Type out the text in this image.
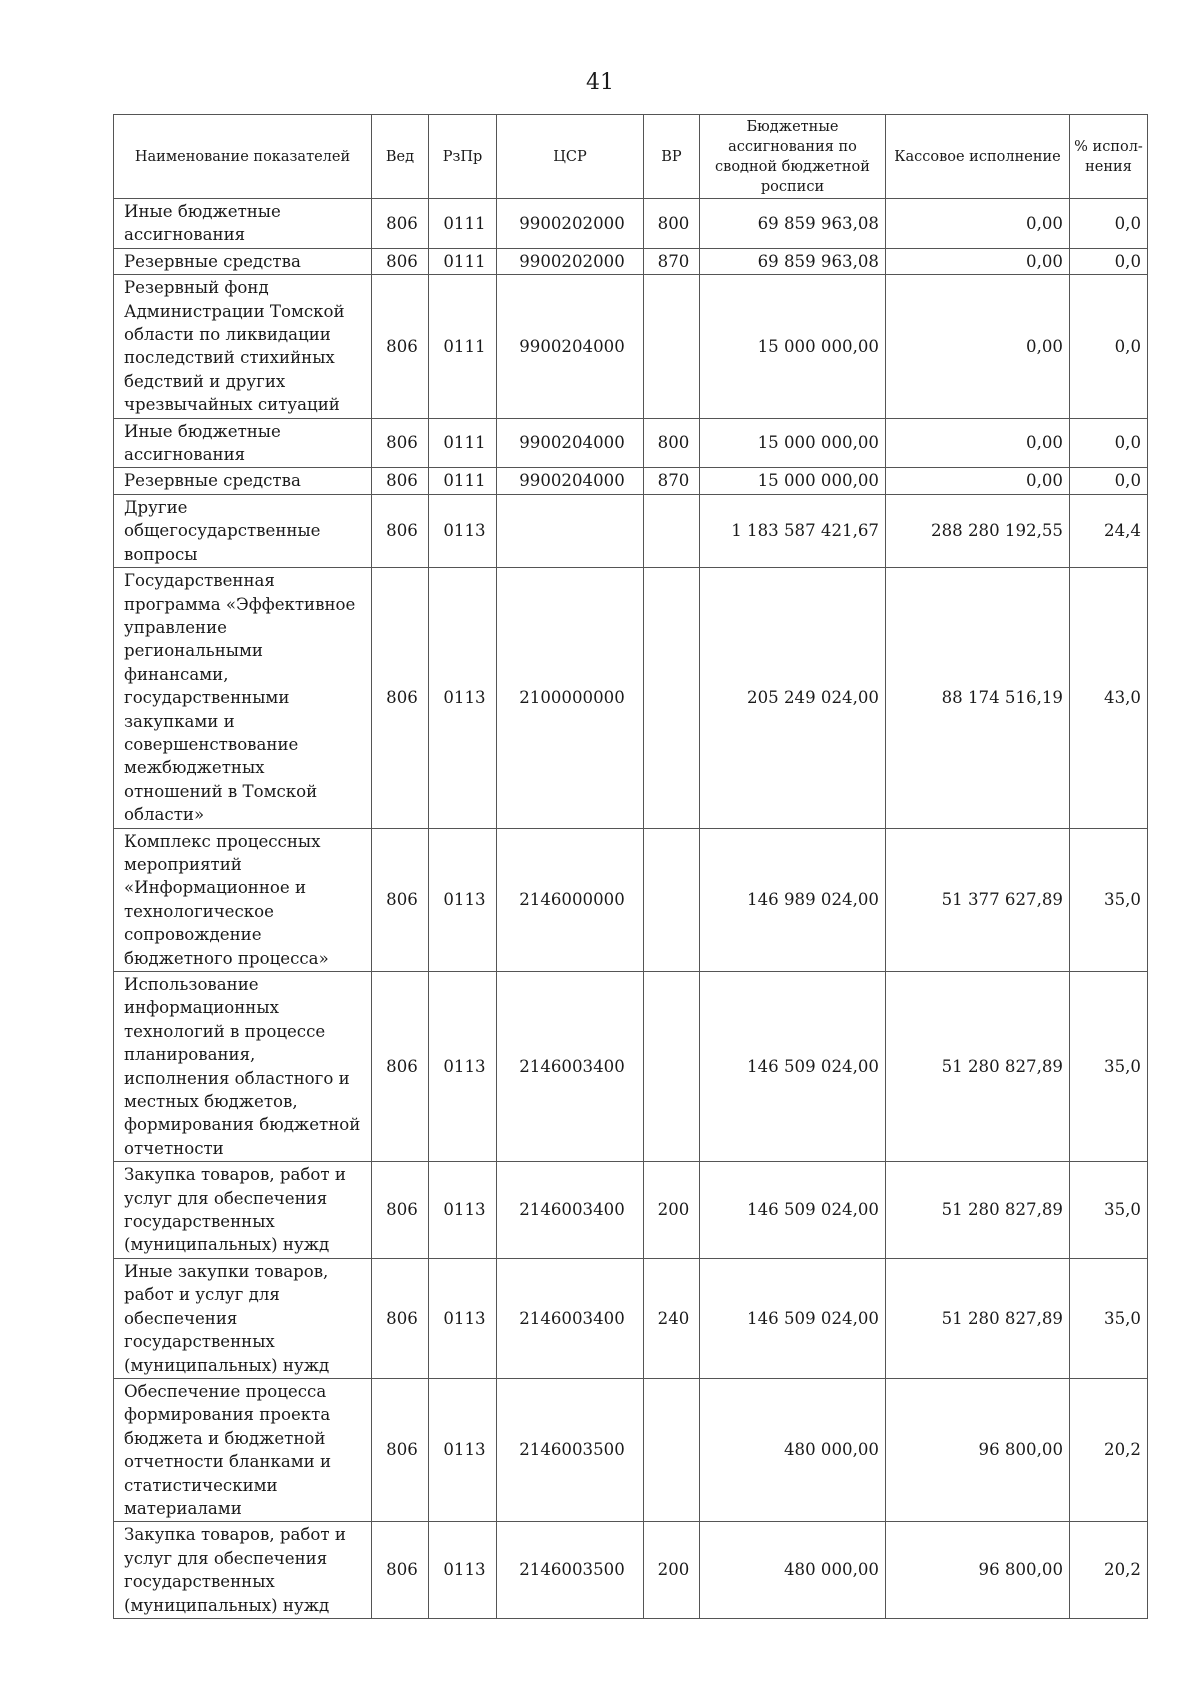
41
Наименование показателей	Вед	РзПр	ЦСР	ВР	Бюджетные ассигнования по сводной бюджетной росписи	Кассовое исполнение	% испол-нения
Иные бюджетные ассигнования	806	0111	9900202000	800	69 859 963,08	0,00	0,0
Резервные средства	806	0111	9900202000	870	69 859 963,08	0,00	0,0
Резервный фонд Администрации Томской области по ликвидации последствий стихийных бедствий и других чрезвычайных ситуаций	806	0111	9900204000		15 000 000,00	0,00	0,0
Иные бюджетные ассигнования	806	0111	9900204000	800	15 000 000,00	0,00	0,0
Резервные средства	806	0111	9900204000	870	15 000 000,00	0,00	0,0
Другие общегосударственные вопросы	806	0113			1 183 587 421,67	288 280 192,55	24,4
Государственная программа «Эффективное управление региональными финансами, государственными закупками и совершенствование межбюджетных отношений в Томской области»	806	0113	2100000000		205 249 024,00	88 174 516,19	43,0
Комплекс процессных мероприятий «Информационное и технологическое сопровождение бюджетного процесса»	806	0113	2146000000		146 989 024,00	51 377 627,89	35,0
Использование информационных технологий в процессе планирования, исполнения областного и местных бюджетов, формирования бюджетной отчетности	806	0113	2146003400		146 509 024,00	51 280 827,89	35,0
Закупка товаров, работ и услуг для обеспечения государственных (муниципальных) нужд	806	0113	2146003400	200	146 509 024,00	51 280 827,89	35,0
Иные закупки товаров, работ и услуг для обеспечения государственных (муниципальных) нужд	806	0113	2146003400	240	146 509 024,00	51 280 827,89	35,0
Обеспечение процесса формирования проекта бюджета и бюджетной отчетности бланками и статистическими материалами	806	0113	2146003500		480 000,00	96 800,00	20,2
Закупка товаров, работ и услуг для обеспечения государственных (муниципальных) нужд	806	0113	2146003500	200	480 000,00	96 800,00	20,2
